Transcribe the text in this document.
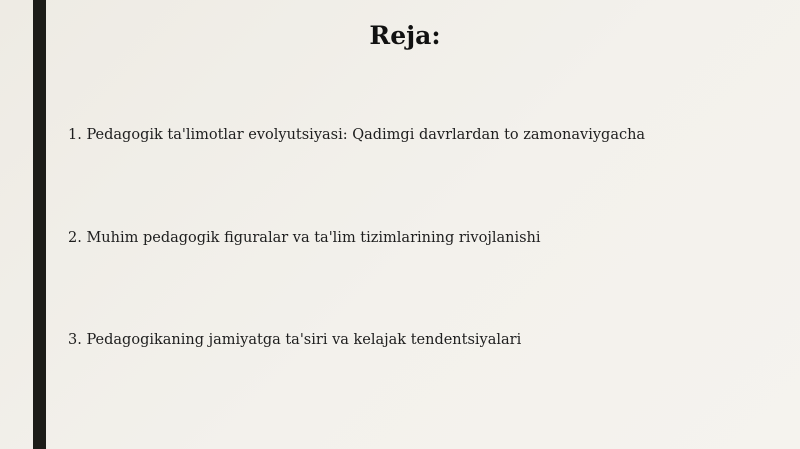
Reja:
1. Pedagogik ta'limotlar evolyutsiyasi: Qadimgi davrlardan to zamonaviygacha
2. Muhim pedagogik figuralar va ta'lim tizimlarining rivojlanishi
3. Pedagogikaning jamiyatga ta'siri va kelajak tendentsiyalari
